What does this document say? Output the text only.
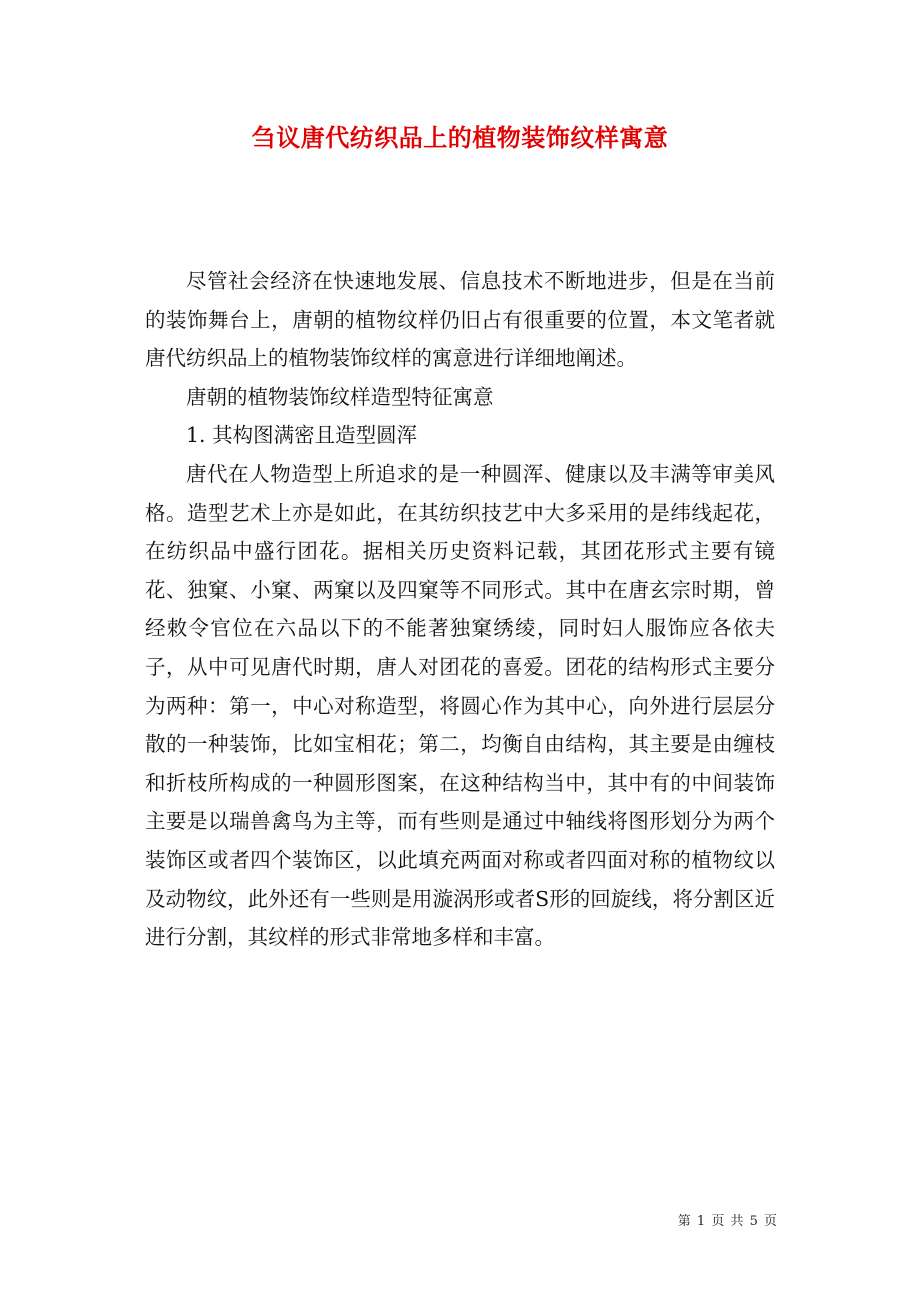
刍议唐代纺织品上的植物装饰纹样寓意

尽管社会经济在快速地发展、信息技术不断地进步，但是在当前的装饰舞台上，唐朝的植物纹样仍旧占有很重要的位置，本文笔者就唐代纺织品上的植物装饰纹样的寓意进行详细地阐述。

唐朝的植物装饰纹样造型特征寓意

1. 其构图满密且造型圆浑

唐代在人物造型上所追求的是一种圆浑、健康以及丰满等审美风格。造型艺术上亦是如此，在其纺织技艺中大多采用的是纬线起花，在纺织品中盛行团花。据相关历史资料记载，其团花形式主要有镜花、独窠、小窠、两窠以及四窠等不同形式。其中在唐玄宗时期，曾经敕令官位在六品以下的不能著独窠绣绫，同时妇人服饰应各依夫子，从中可见唐代时期，唐人对团花的喜爱。团花的结构形式主要分为两种：第一，中心对称造型，将圆心作为其中心，向外进行层层分散的一种装饰，比如宝相花；第二，均衡自由结构，其主要是由缠枝和折枝所构成的一种圆形图案，在这种结构当中，其中有的中间装饰主要是以瑞兽禽鸟为主等，而有些则是通过中轴线将图形划分为两个装饰区或者四个装饰区，以此填充两面对称或者四面对称的植物纹以及动物纹，此外还有一些则是用漩涡形或者S形的回旋线，将分割区近进行分割，其纹样的形式非常地多样和丰富。

第 1 页 共 5 页
